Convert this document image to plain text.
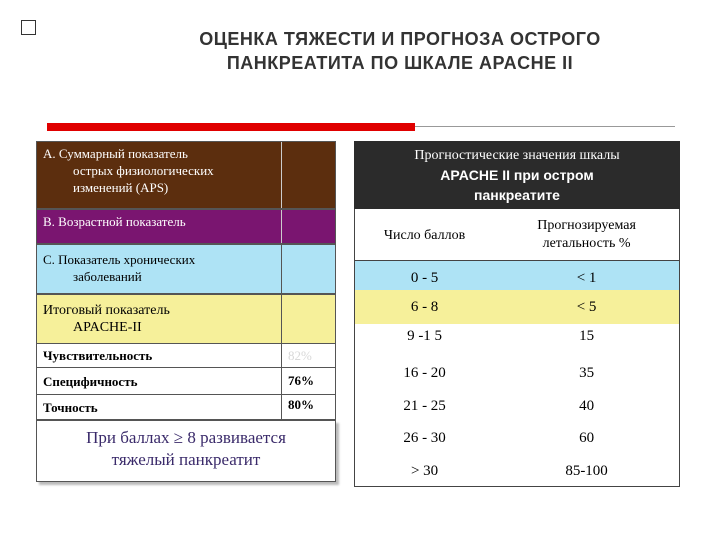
ОЦЕНКА ТЯЖЕСТИ И ПРОГНОЗА ОСТРОГО
ПАНКРЕАТИТА ПО ШКАЛЕ APACHE II
А. Суммарный показатель
острых физиологических
изменений (APS)
В. Возрастной показатель
С. Показатель хронических
заболеваний
Итоговый показатель
APACHE-II
Чувствительность	82%
Специфичность	76%
Точность	80%
При баллах ≥ 8 развивается
тяжелый панкреатит
Прогностические значения шкалы
APACHE II при остром
панкреатите
Число баллов
Прогнозируемая
летальность %
0 - 5	< 1
6 - 8	< 5
9 -1 5	15
16 - 20	35
21 - 25	40
26 - 30	60
> 30	85-100
